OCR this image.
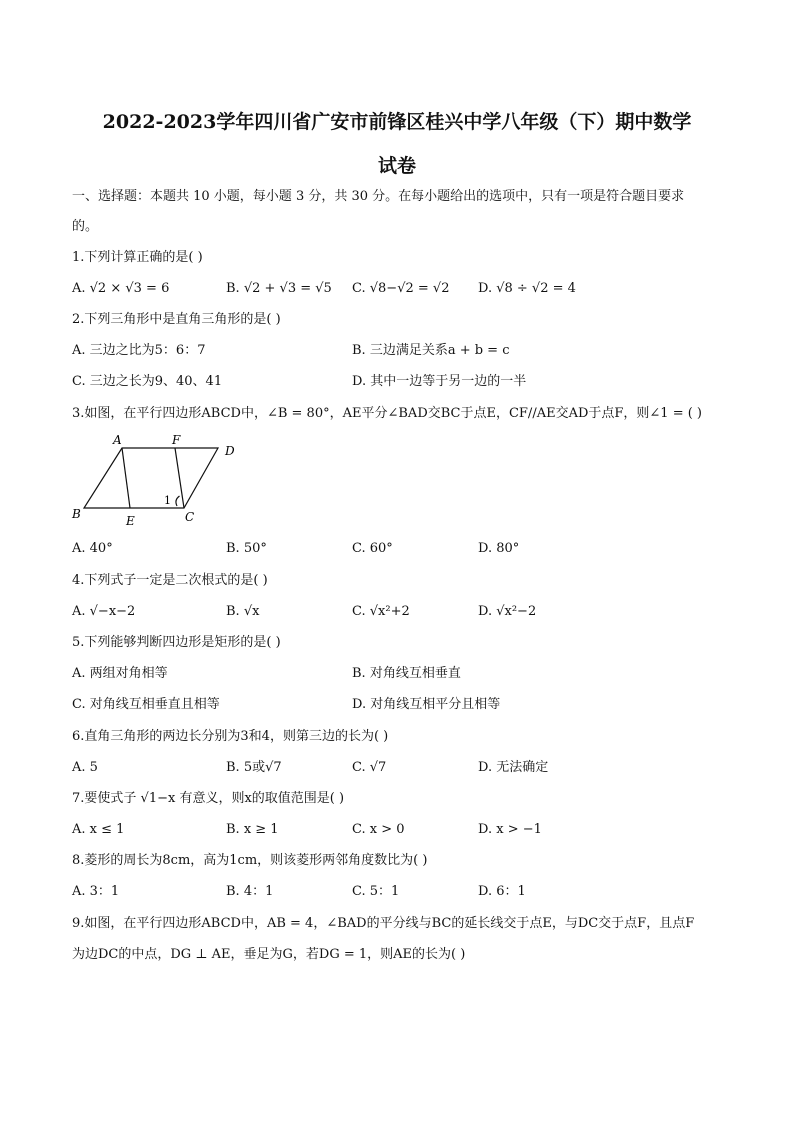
2022-2023学年四川省广安市前锋区桂兴中学八年级（下）期中数学
试卷
一、选择题：本题共 10 小题，每小题 3 分，共 30 分。在每小题给出的选项中，只有一项是符合题目要求
的。
1.下列计算正确的是( )
A. √2 × √3 = 6	B. √2 + √3 = √5 C. √8−√2 = √2 D. √8 ÷ √2 = 4
2.下列三角形中是直角三角形的是( )
A. 三边之比为5：6：7	B. 三边满足关系a + b = c
C. 三边之长为9、40、41	D. 其中一边等于另一边的一半
3.如图，在平行四边形ABCD中，∠B = 80°，AE平分∠BAD交BC于点E，CF//AE交AD于点F，则∠1 = ( )
A	F
D
B	E	C
1
A. 40°	B. 50°	C. 60°	D. 80°
4.下列式子一定是二次根式的是( )
A. √−x−2	B. √x	C. √x²+2	D. √x²−2
5.下列能够判断四边形是矩形的是( )
A. 两组对角相等	B. 对角线互相垂直
C. 对角线互相垂直且相等	D. 对角线互相平分且相等
6.直角三角形的两边长分别为3和4，则第三边的长为( )
A. 5	B. 5或√7	C. √7	D. 无法确定
7.要使式子 √1−x 有意义，则x的取值范围是( )
A. x ≤ 1	B. x ≥ 1	C. x > 0	D. x > −1
8.菱形的周长为8cm，高为1cm，则该菱形两邻角度数比为( )
A. 3：1	B. 4：1	C. 5：1	D. 6：1
9.如图，在平行四边形ABCD中，AB = 4，∠BAD的平分线与BC的延长线交于点E，与DC交于点F，且点F
为边DC的中点，DG ⊥ AE，垂足为G，若DG = 1，则AE的长为( )
